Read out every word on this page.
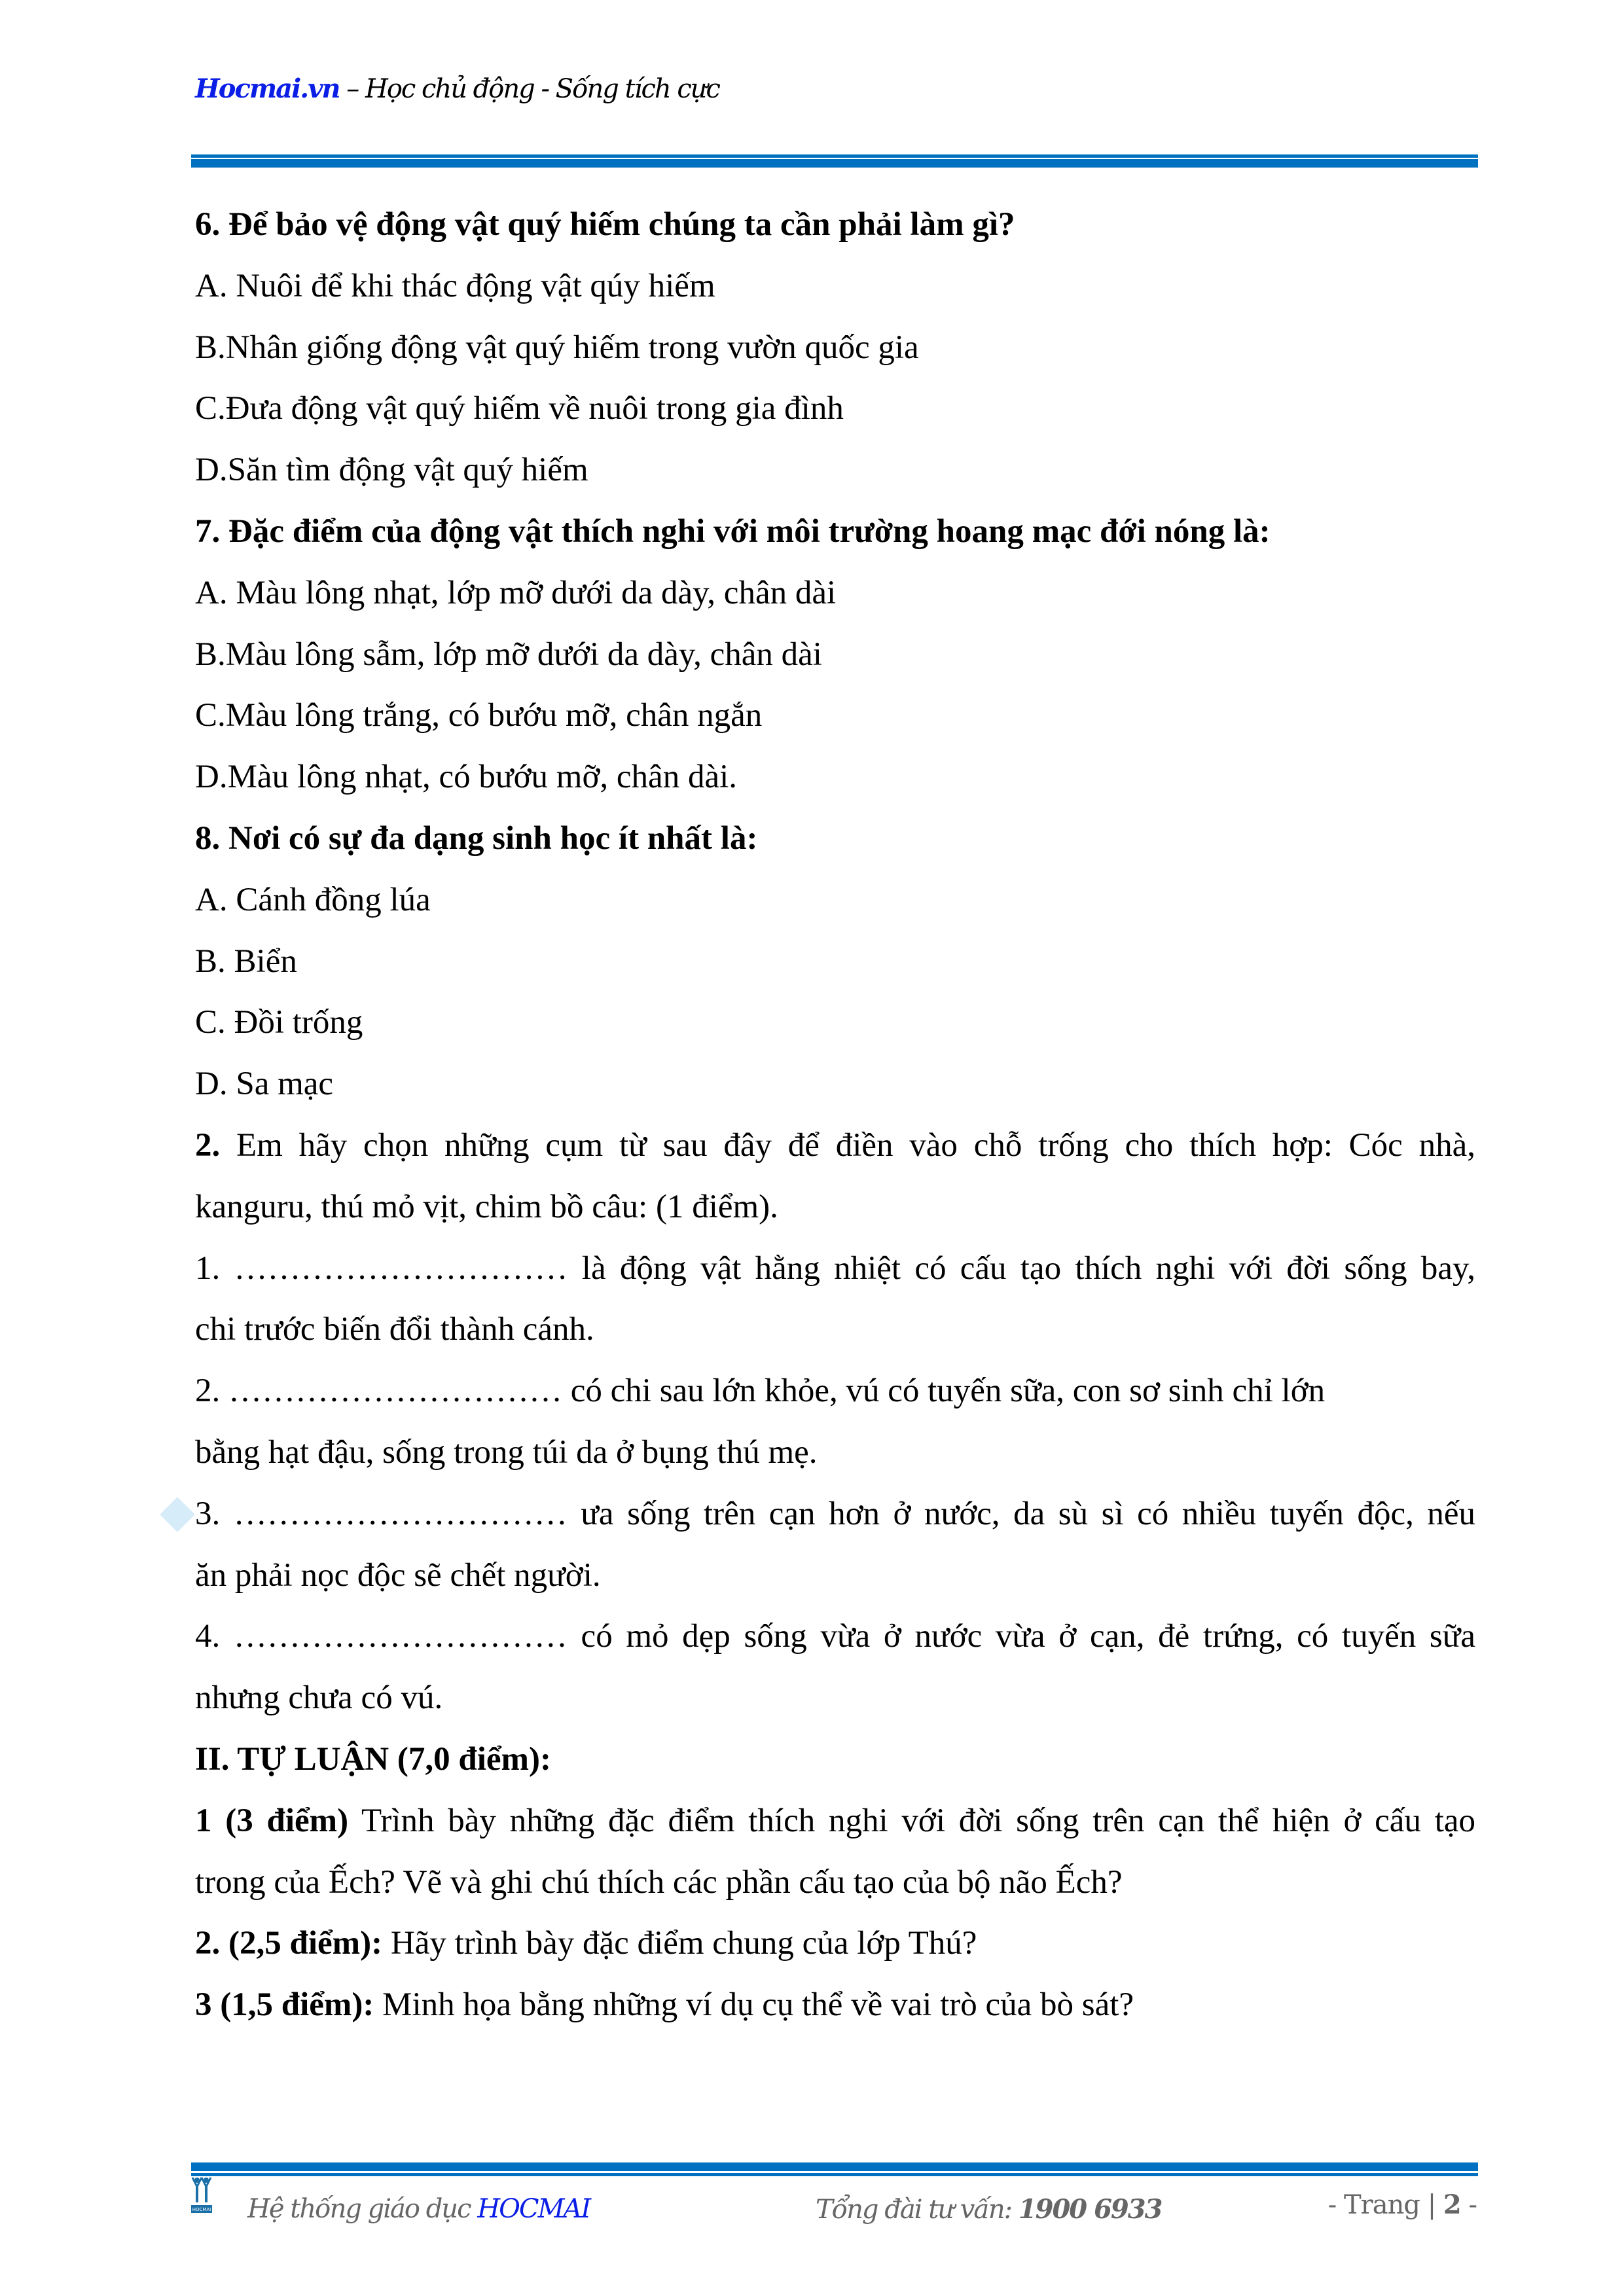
Hocmai.vn – Học chủ động - Sống tích cực
6. Để bảo vệ động vật quý hiếm chúng ta cần phải làm gì?
A. Nuôi để khi thác động vật qúy hiếm
B.Nhân giống động vật quý hiếm trong vườn quốc gia
C.Đưa động vật quý hiếm về nuôi trong gia đình
D.Săn tìm động vật quý hiếm
7. Đặc điểm của động vật thích nghi với môi trường hoang mạc đới nóng là:
A. Màu lông nhạt, lớp mỡ dưới da dày, chân dài
B.Màu lông sẫm, lớp mỡ dưới da dày, chân dài
C.Màu lông trắng, có bướu mỡ, chân ngắn
D.Màu lông nhạt, có bướu mỡ, chân dài.
8. Nơi có sự đa dạng sinh học ít nhất là:
A. Cánh đồng lúa
B. Biển
C. Đồi trống
D. Sa mạc
2. Em hãy chọn những cụm từ sau đây để điền vào chỗ trống cho thích hợp: Cóc nhà,
kanguru, thú mỏ vịt, chim bồ câu: (1 điểm).
1. ………………………… là động vật hằng nhiệt có cấu tạo thích nghi với đời sống bay,
chi trước biến đổi thành cánh.
2. ………………………… có chi sau lớn khỏe, vú có tuyến sữa, con sơ sinh chỉ lớn
bằng hạt đậu, sống trong túi da ở bụng thú mẹ.
3. ………………………… ưa sống trên cạn hơn ở nước, da sù sì có nhiều tuyến độc, nếu
ăn phải nọc độc sẽ chết người.
4. ………………………… có mỏ dẹp sống vừa ở nước vừa ở cạn, đẻ trứng, có tuyến sữa
nhưng chưa có vú.
II. TỰ LUẬN (7,0 điểm):
1 (3 điểm) Trình bày những đặc điểm thích nghi với đời sống trên cạn thể hiện ở cấu tạo
trong của Ếch? Vẽ và ghi chú thích các phần cấu tạo của bộ não Ếch?
2. (2,5 điểm): Hãy trình bày đặc điểm chung của lớp Thú?
3 (1,5 điểm): Minh họa bằng những ví dụ cụ thể về vai trò của bò sát?
HOCMAI Hệ thống giáo dục HOCMAI	Tổng đài tư vấn: 1900 6933	- Trang | 2 -
